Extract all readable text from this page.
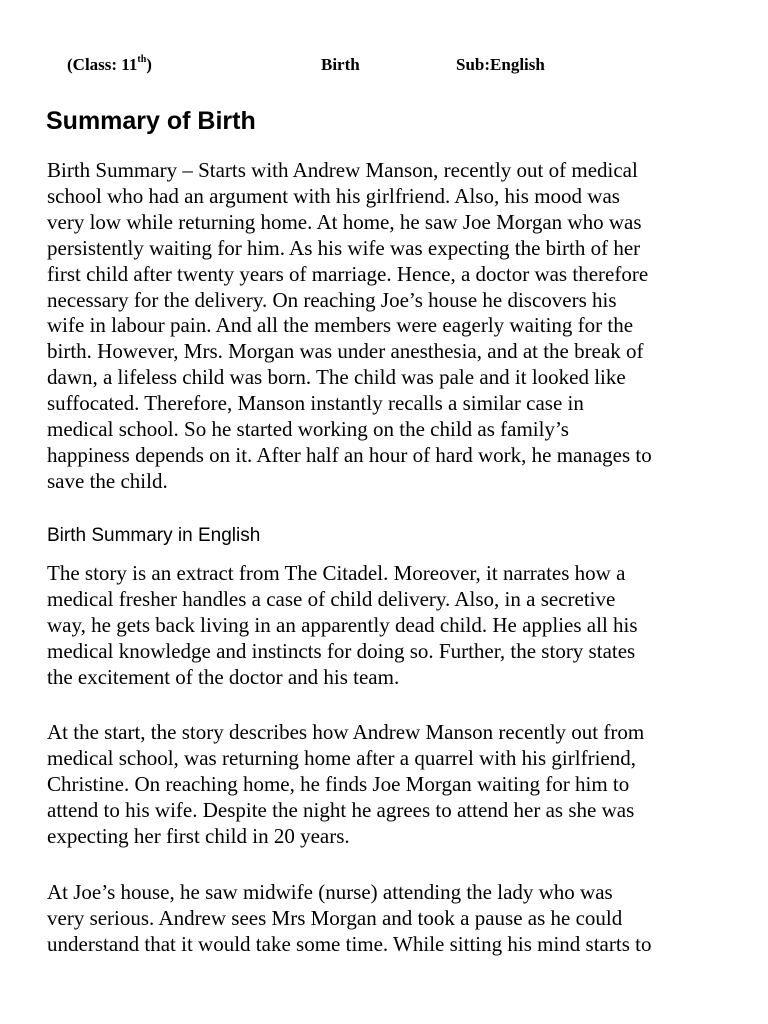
(Class: 11th)	Birth	Sub:English
Summary of Birth

Birth Summary – Starts with Andrew Manson, recently out of medical
school who had an argument with his girlfriend. Also, his mood was
very low while returning home. At home, he saw Joe Morgan who was
persistently waiting for him. As his wife was expecting the birth of her
first child after twenty years of marriage. Hence, a doctor was therefore
necessary for the delivery. On reaching Joe’s house he discovers his
wife in labour pain. And all the members were eagerly waiting for the
birth. However, Mrs. Morgan was under anesthesia, and at the break of
dawn, a lifeless child was born. The child was pale and it looked like
suffocated. Therefore, Manson instantly recalls a similar case in
medical school. So he started working on the child as family’s
happiness depends on it. After half an hour of hard work, he manages to
save the child.

Birth Summary in English

The story is an extract from The Citadel. Moreover, it narrates how a
medical fresher handles a case of child delivery. Also, in a secretive
way, he gets back living in an apparently dead child. He applies all his
medical knowledge and instincts for doing so. Further, the story states
the excitement of the doctor and his team.

At the start, the story describes how Andrew Manson recently out from
medical school, was returning home after a quarrel with his girlfriend,
Christine. On reaching home, he finds Joe Morgan waiting for him to
attend to his wife. Despite the night he agrees to attend her as she was
expecting her first child in 20 years.

At Joe’s house, he saw midwife (nurse) attending the lady who was
very serious. Andrew sees Mrs Morgan and took a pause as he could
understand that it would take some time. While sitting his mind starts to
